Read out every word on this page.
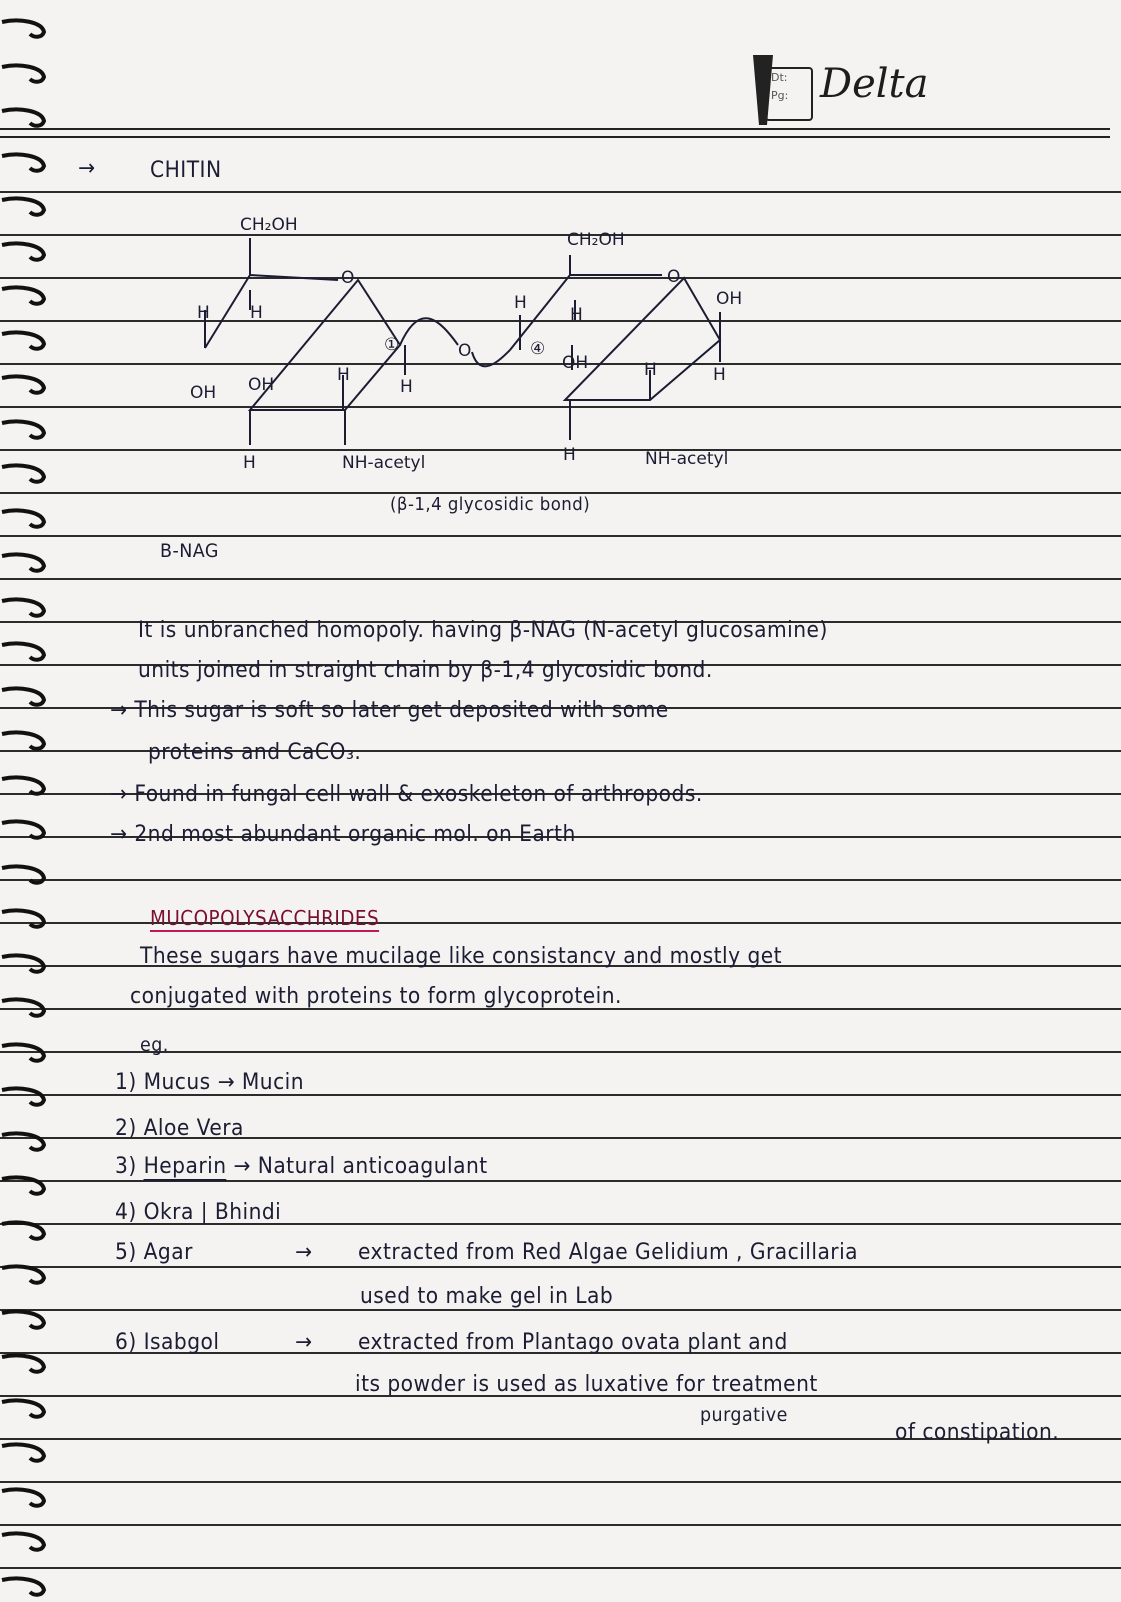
Dt:
Pg: Delta
→ CHITIN
CH₂OH
O
H H
①	O	④
OH OH	H
H
H	NH-acetyl
CH₂OH
O
H
H
OH
OH	H	H
H	NH-acetyl
(β-1,4 glycosidic bond)
B-NAG
It is unbranched homopoly. having β-NAG (N-acetyl glucosamine)
units joined in straight chain by β-1,4 glycosidic bond.
→ This sugar is soft so later get deposited with some
proteins and CaCO₃.
→ Found in fungal cell wall & exoskeleton of arthropods.
→ 2nd most abundant organic mol. on Earth
MUCOPOLYSACCHRIDES
These sugars have mucilage like consistancy and mostly get
conjugated with proteins to form glycoprotein.
eg.
1) Mucus → Mucin
2) Aloe Vera
3) Heparin → Natural anticoagulant
4) Okra | Bhindi
5) Agar	→ extracted from Red Algae Gelidium , Gracillaria
used to make gel in Lab
6) Isabgol	→ extracted from Plantago ovata plant and
its powder is used as luxative for treatment
purgative
of constipation.
